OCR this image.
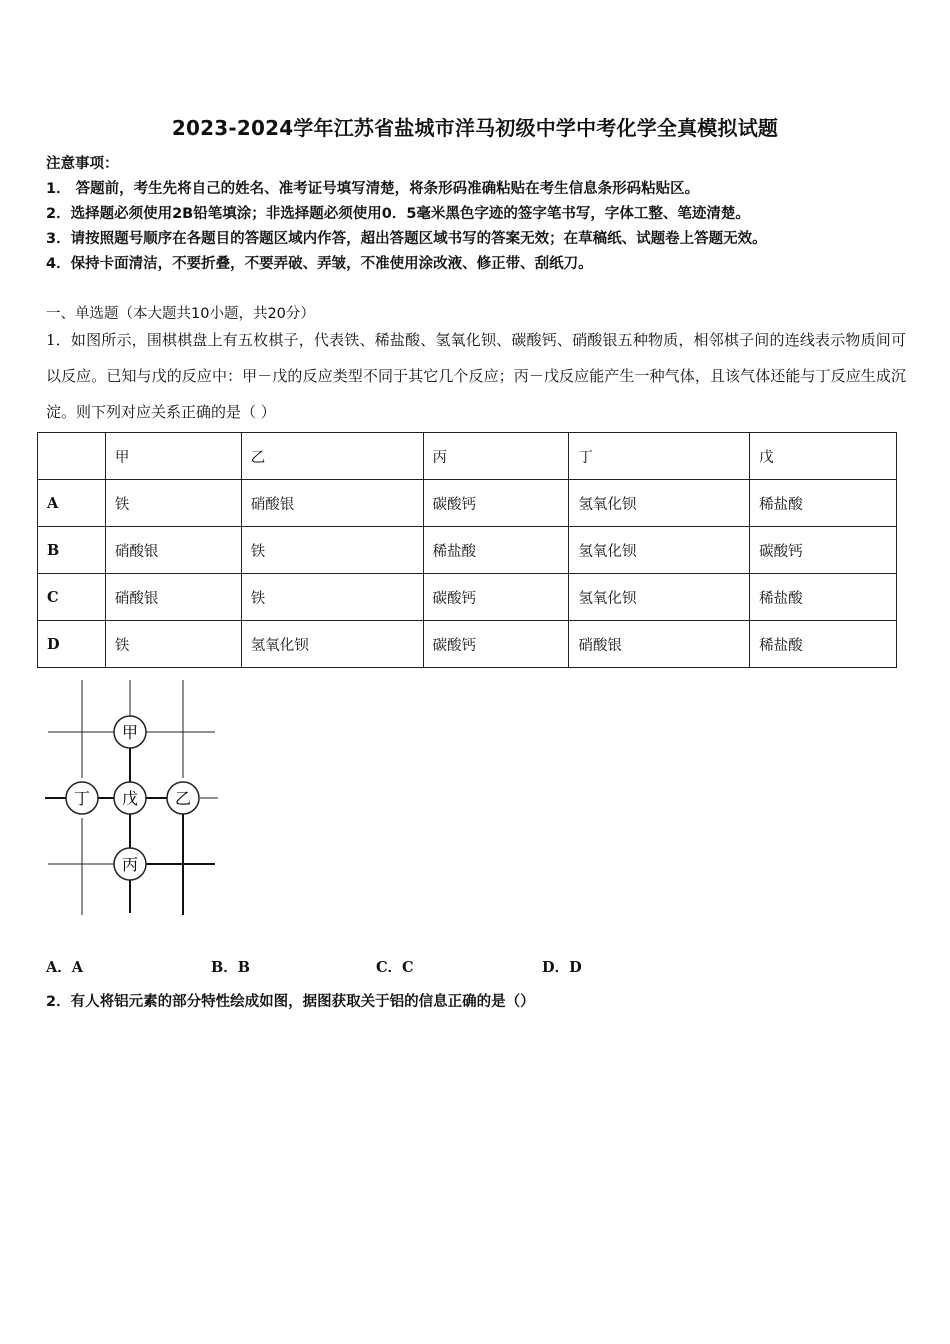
2023-2024学年江苏省盐城市洋马初级中学中考化学全真模拟试题
注意事项：
1． 答题前，考生先将自己的姓名、准考证号填写清楚，将条形码准确粘贴在考生信息条形码粘贴区。
2．选择题必须使用2B铅笔填涂；非选择题必须使用0．5毫米黑色字迹的签字笔书写，字体工整、笔迹清楚。
3．请按照题号顺序在各题目的答题区域内作答，超出答题区域书写的答案无效；在草稿纸、试题卷上答题无效。
4．保持卡面清洁，不要折叠，不要弄破、弄皱，不准使用涂改液、修正带、刮纸刀。
一、单选题（本大题共10小题，共20分）
1．如图所示，围棋棋盘上有五枚棋子，代表铁、稀盐酸、氢氧化钡、碳酸钙、硝酸银五种物质，相邻棋子间的连线表示物质间可以反应。已知与戊的反应中：甲－戊的反应类型不同于其它几个反应；丙－戊反应能产生一种气体，且该气体还能与丁反应生成沉淀。则下列对应关系正确的是（ ）
	甲	乙	丙	丁	戊
A	铁	硝酸银	碳酸钙	氢氧化钡	稀盐酸
B	硝酸银	铁	稀盐酸	氢氧化钡	碳酸钙
C	硝酸银	铁	碳酸钙	氢氧化钡	稀盐酸
D	铁	氢氧化钡	碳酸钙	硝酸银	稀盐酸
甲
丁 戊 乙
丙
A．A	B．B	C．C	D．D
2．有人将铝元素的部分特性绘成如图，据图获取关于铝的信息正确的是（）
